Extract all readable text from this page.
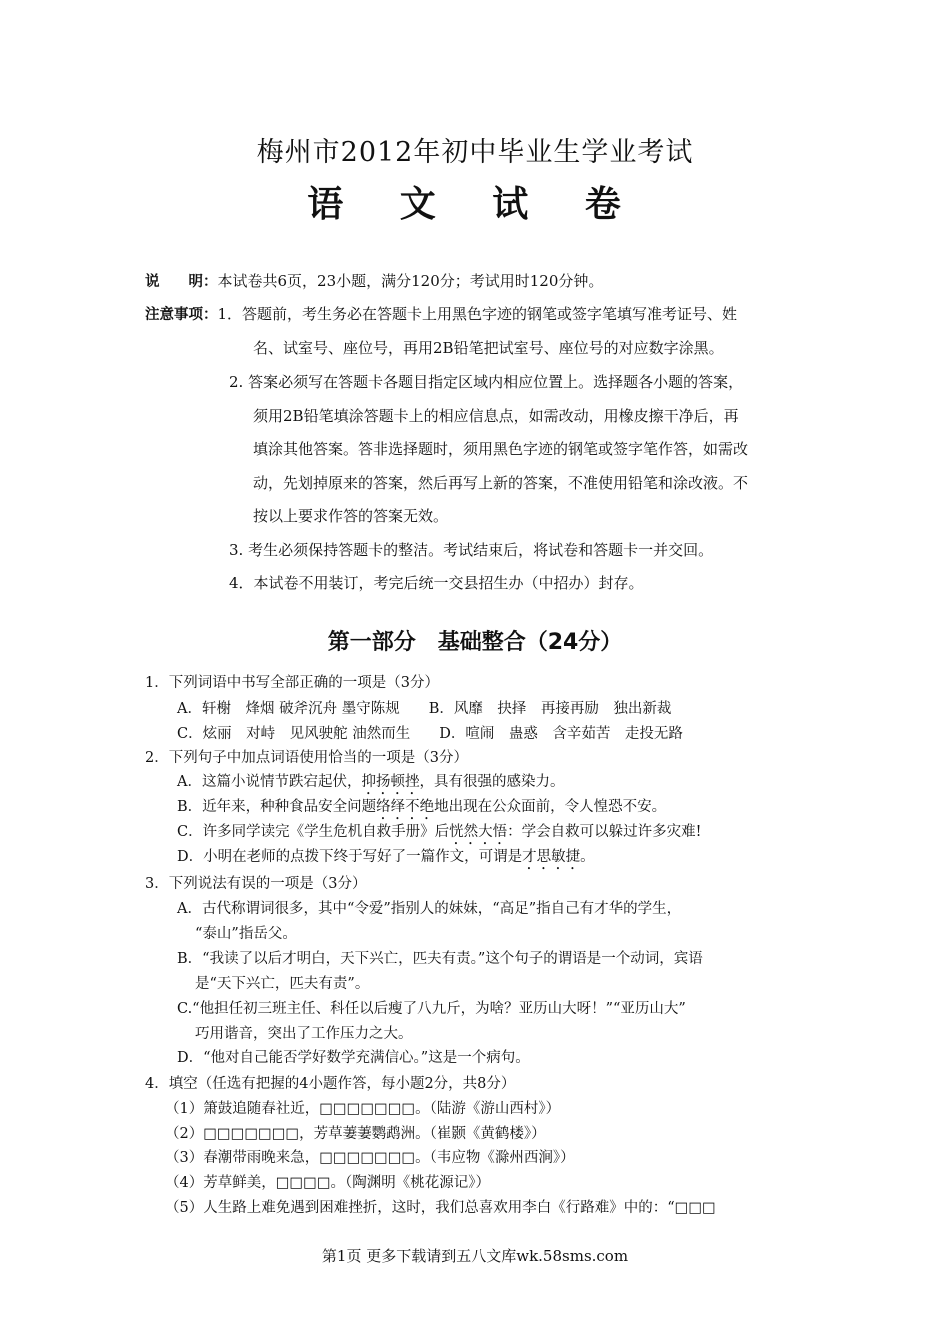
梅州市2012年初中毕业生学业考试
语 文 试 卷
说　　明：本试卷共6页，23小题，满分120分；考试用时120分钟。
注意事项：1．答题前，考生务必在答题卡上用黑色字迹的钢笔或签字笔填写准考证号、姓
名、试室号、座位号，再用2B铅笔把试室号、座位号的对应数字涂黑。
2. 答案必须写在答题卡各题目指定区域内相应位置上。选择题各小题的答案，
须用2B铅笔填涂答题卡上的相应信息点，如需改动，用橡皮擦干净后，再
填涂其他答案。答非选择题时，须用黑色字迹的钢笔或签字笔作答，如需改
动，先划掉原来的答案，然后再写上新的答案，不准使用铅笔和涂改液。不
按以上要求作答的答案无效。
3. 考生必须保持答题卡的整洁。考试结束后，将试卷和答题卡一并交回。
4．本试卷不用装订，考完后统一交县招生办（中招办）封存。
第一部分　基础整合（24分）
1．下列词语中书写全部正确的一项是（3分）
A．轩榭　烽烟 破斧沉舟 墨守陈规　　B．风靡　抉择　再接再励　独出新裁
C．炫丽　对峙　见风驶舵 油然而生　　D．喧闹　蛊惑　含辛茹苦　走投无路
2．下列句子中加点词语使用恰当的一项是（3分）
A．这篇小说情节跌宕起伏，抑扬顿挫，具有很强的感染力。
B．近年来，种种食品安全问题络绎不绝地出现在公众面前，令人惶恐不安。
C．许多同学读完《学生危机自救手册》后恍然大悟：学会自救可以躲过许多灾难!
D．小明在老师的点拨下终于写好了一篇作文，可谓是才思敏捷。
3．下列说法有误的一项是（3分）
A．古代称谓词很多，其中“令爱”指别人的妹妹，“高足”指自己有才华的学生，
“泰山”指岳父。
B．“我读了以后才明白，天下兴亡，匹夫有责。”这个句子的谓语是一个动词，宾语
是“天下兴亡，匹夫有责”。
C.“他担任初三班主任、科任以后瘦了八九斤，为啥？亚历山大呀！”“亚历山大”
巧用谐音，突出了工作压力之大。
D．“他对自己能否学好数学充满信心。”这是一个病句。
4．填空（任选有把握的4小题作答，每小题2分，共8分）
（1）箫鼓追随春社近，□□□□□□□。（陆游《游山西村》）
（2）□□□□□□□，芳草萋萋鹦鹉洲。（崔颢《黄鹤楼》）
（3）春潮带雨晚来急，□□□□□□□。（韦应物《滁州西涧》）
（4）芳草鲜美，□□□□。（陶渊明《桃花源记》）
（5）人生路上难免遇到困难挫折，这时，我们总喜欢用李白《行路难》中的：“□□□
第1页 更多下载请到五八文库wk.58sms.com
